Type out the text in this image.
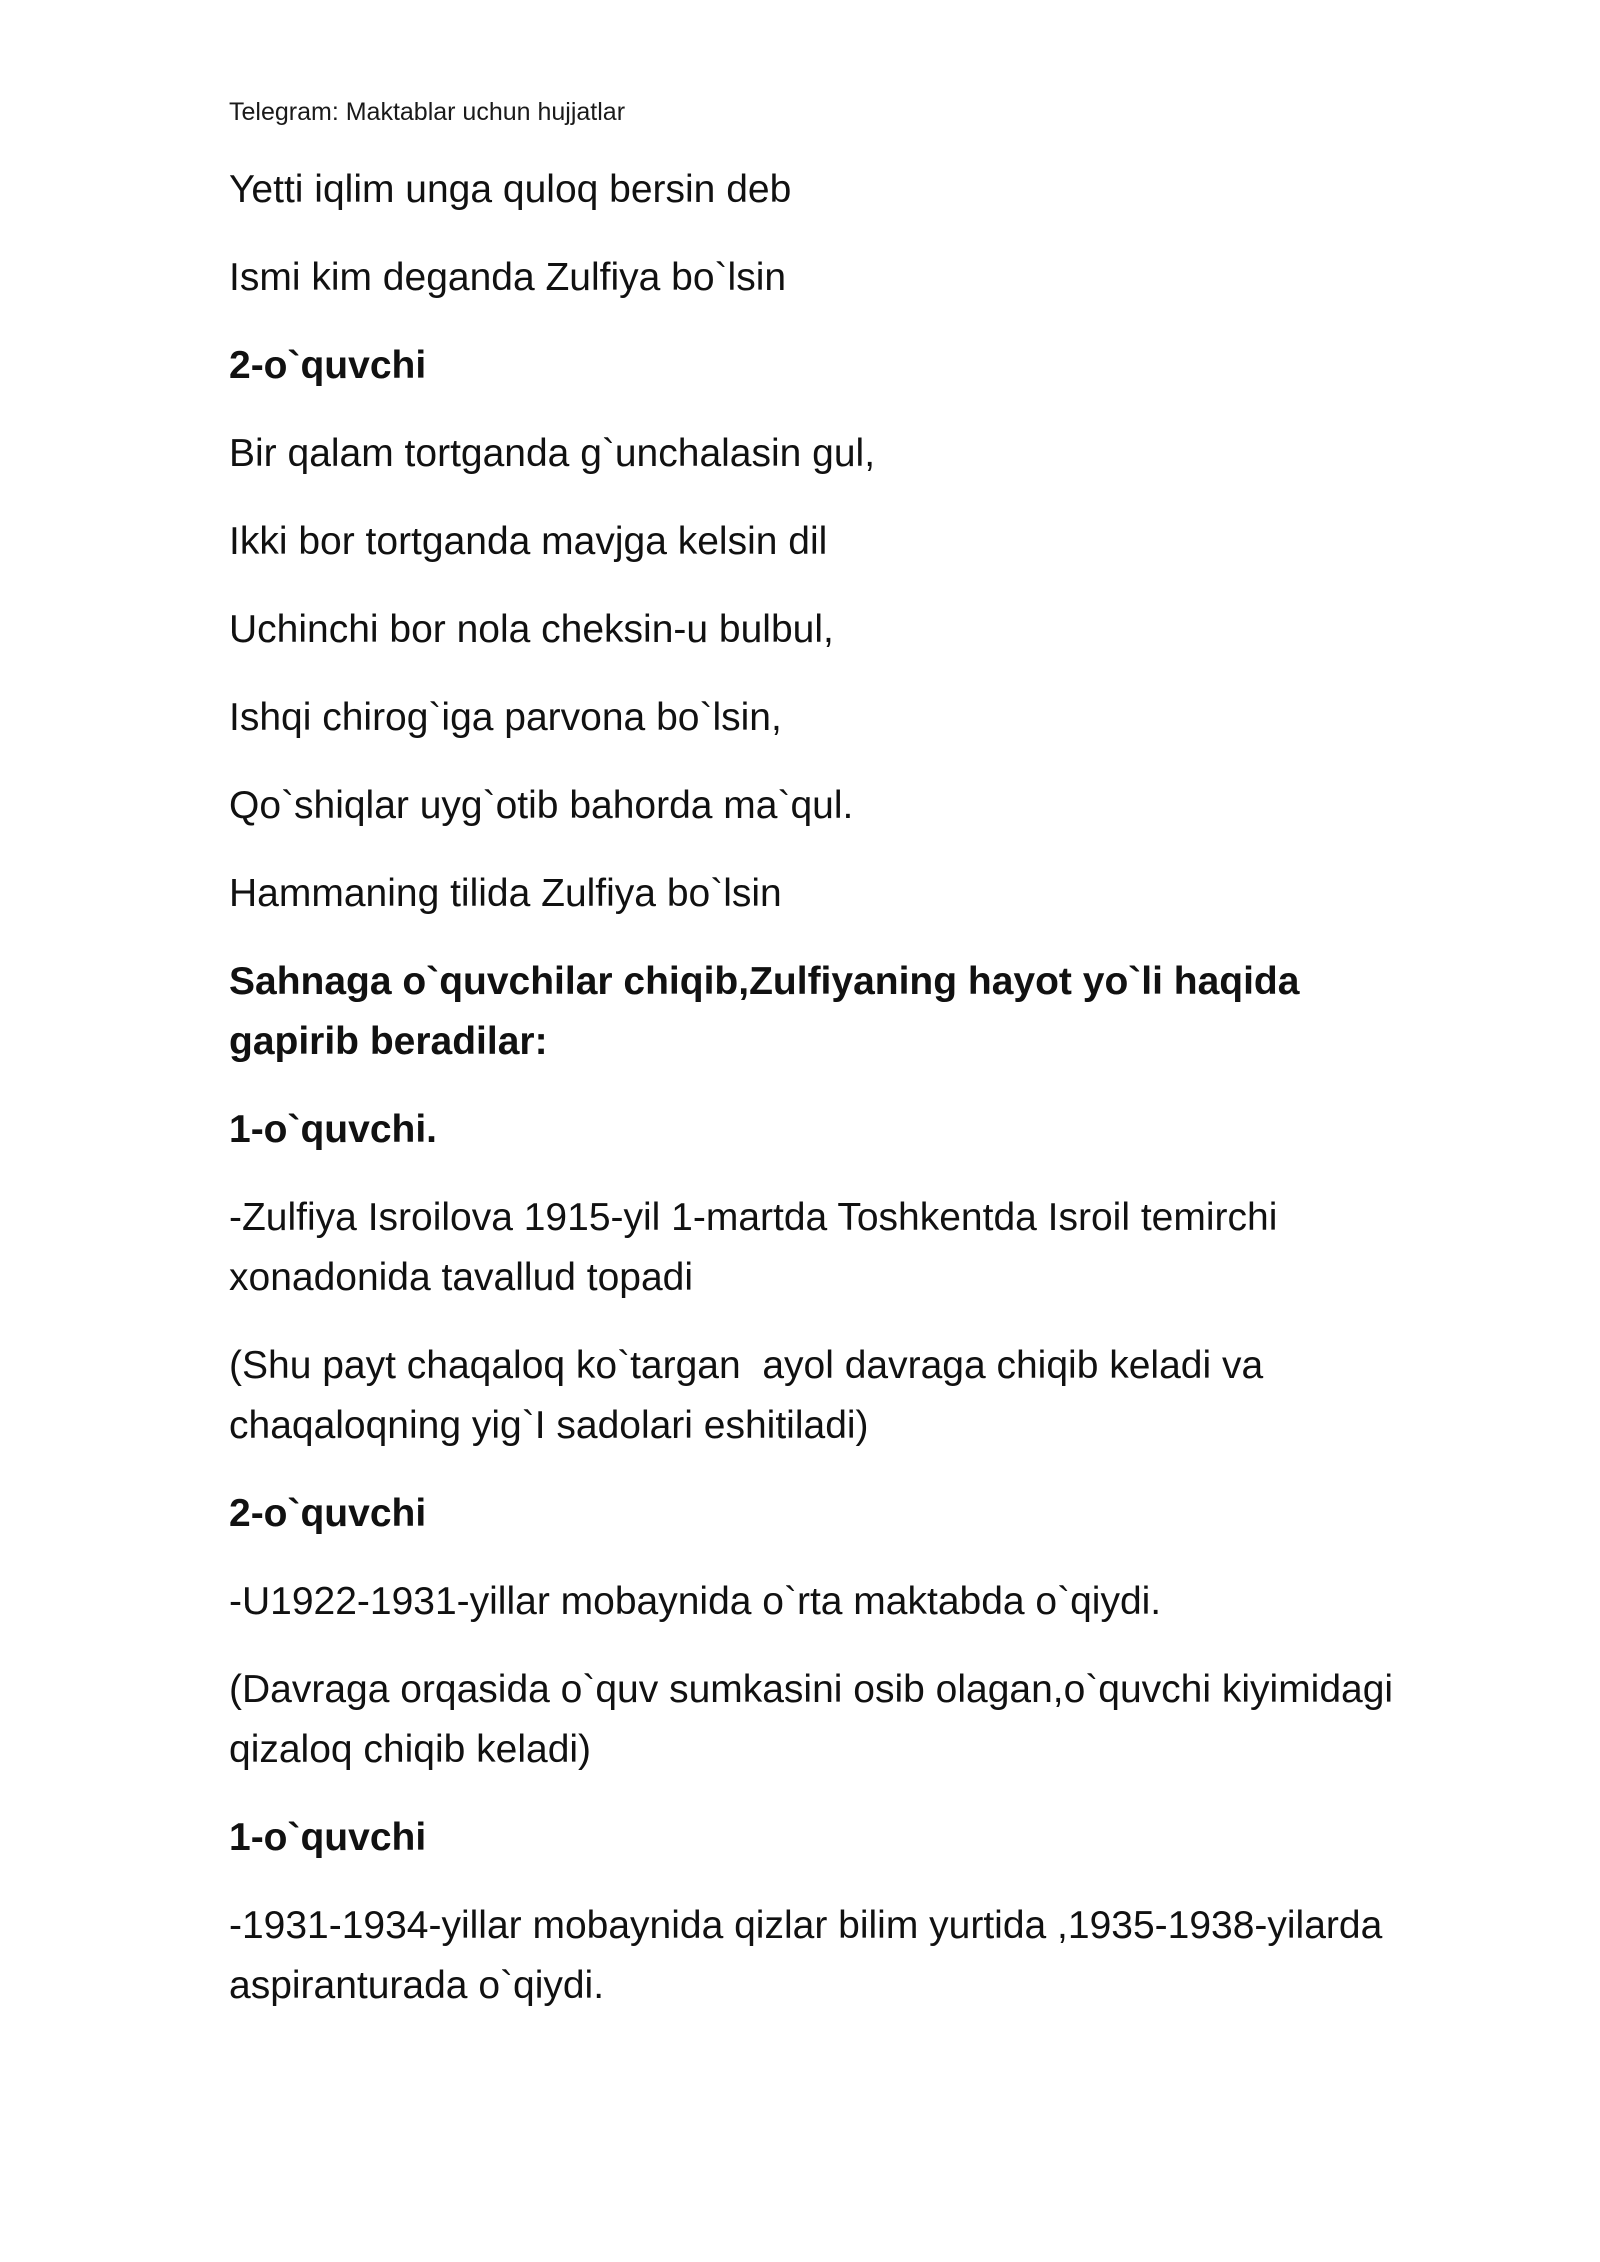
Telegram: Maktablar uchun hujjatlar

Yetti iqlim unga quloq bersin deb

Ismi kim deganda Zulfiya bo`lsin

2-o`quvchi

Bir qalam tortganda g`unchalasin gul,

Ikki bor tortganda mavjga kelsin dil

Uchinchi bor nola cheksin-u bulbul,

Ishqi chirog`iga parvona bo`lsin,

Qo`shiqlar uyg`otib bahorda ma`qul.

Hammaning tilida Zulfiya bo`lsin

Sahnaga o`quvchilar chiqib,Zulfiyaning hayot yo`li haqida gapirib beradilar:

1-o`quvchi.

-Zulfiya Isroilova 1915-yil 1-martda Toshkentda Isroil temirchi xonadonida tavallud topadi

(Shu payt chaqaloq ko`targan  ayol davraga chiqib keladi va chaqaloqning yig`I sadolari eshitiladi)

2-o`quvchi

-U1922-1931-yillar mobaynida o`rta maktabda o`qiydi.

(Davraga orqasida o`quv sumkasini osib olagan,o`quvchi kiyimidagi qizaloq chiqib keladi)

1-o`quvchi

-1931-1934-yillar mobaynida qizlar bilim yurtida ,1935-1938-yilarda aspiranturada o`qiydi.
